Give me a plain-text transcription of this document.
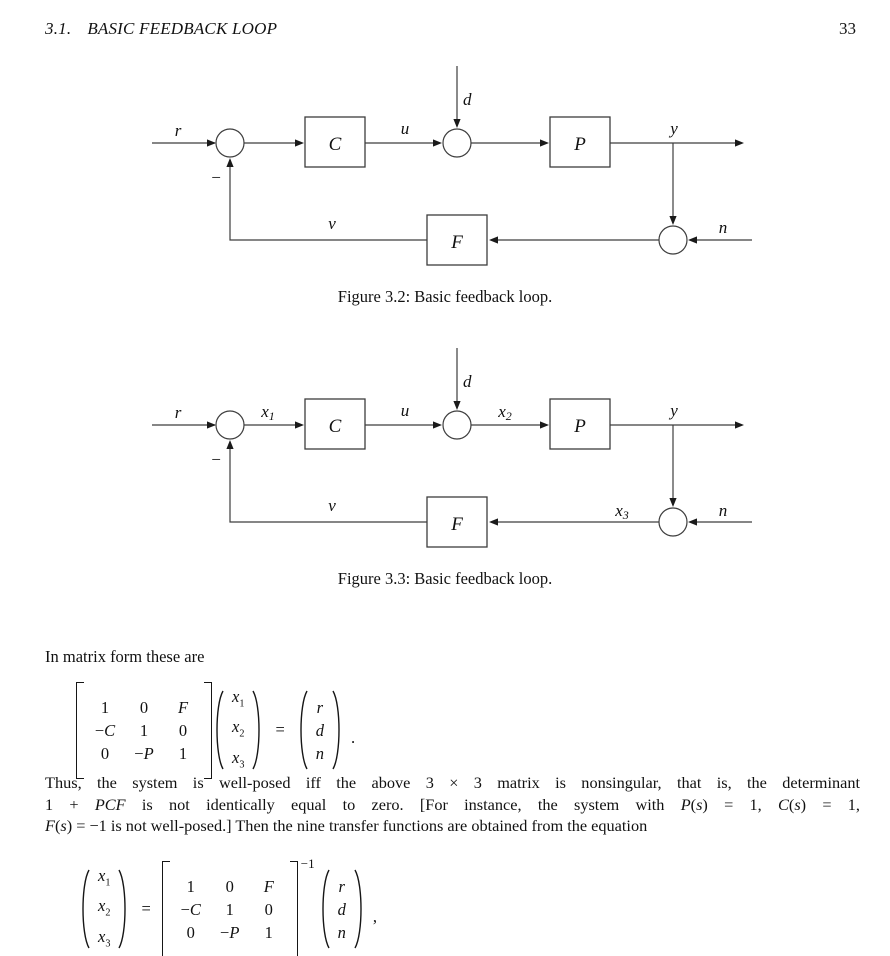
3.1. BASIC FEEDBACK LOOP	33
C	P
F
r	u
d
y
n
v
−
Figure 3.2: Basic feedback loop.
C	P
F
r	x1	u
d
x2	y
x3	n
v
−
Figure 3.3: Basic feedback loop.
In matrix form these are
1	0	F
−C	1	0
0	−P	1
$x_1$
$x_2$
$x_3$
=
r
d
n
.
Thus, the system is well-posed iff the above 3 × 3 matrix is nonsingular, that is, the determinant
1 + PCF is not identically equal to zero. [For instance, the system with P(s) = 1, C(s) = 1,
F(s) = −1 is not well-posed.] Then the nine transfer functions are obtained from the equation
$x_1$
$x_2$
$x_3$
=
1	0	F
−C	1	0
0	−P	1
−1
r
d
n
,
